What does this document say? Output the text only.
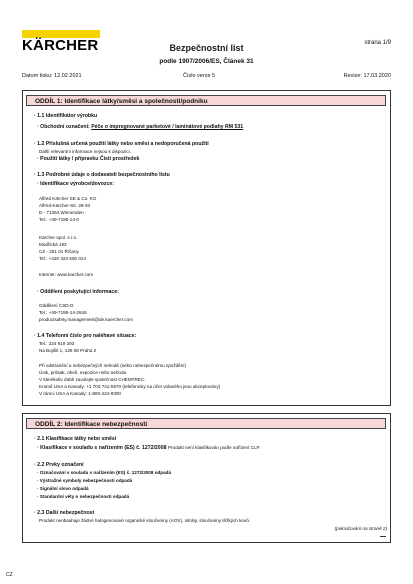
KÄRCHER	strana 1/9
Bezpečnostní list
podle 1907/2006/ES, Článek 31
Datum tisku: 12.02.2021	Číslo verze 5	Revize: 17.03.2020
ODDÍL 1: Identifikace látky/směsi a společnosti/podniku
· 1.1 Identifikátor výrobku
· Obchodní označení: Péče o impregnované parketové / laminátové podlahy RM 531
· 1.2 Příslušná určená použití látky nebo směsi a nedoporučená použití
Další relevantní informace nejsou k dispozici.
· Použití látky / přípravku Čistí prostředek
· 1.3 Podrobné údaje o dodavateli bezpečnostního listu
· Identifikace výrobce/dovozce:
Alfred Kärcher SE & Co. KG
Alfred-Kärcher-Str. 28-40
D - 71364 Winnenden
Tel.: +49-7195-14-0
Kärcher spol. s r.o.
Modřická 193
CZ - 251 01 Říčany
Tel.: +420 323 606 014
Internet: www.karcher.com
· Oddělení poskytující informace:
Oddělení CSD-D
Tel.: +49-7195-14-2646
productsafety.management@de.kaercher.com
· 1.4 Telefonní číslo pro naléhavé situace:
Tel.: 224 919 293
Na Bojišti 1, 128 08 Praha 2
Při odstranění a nebezpečných nehodě (nebo nebezpečnému zpoždění)
Únik, průsak, oheň, expozice nebo nehoda
V kterékoliv době zavolejte společnost CHEMTREC.
Kromě USA a Kanady: +1 703 741-5970 (telefonicky na účet volaného jsou akceptovány)
V rámci USA a Kanady: 1-800-424-9300
ODDÍL 2: Identifikace nebezpečnosti
· 2.1 Klasifikace látky nebo směsi
· Klasifikace v souladu s nařízením (ES) č. 1272/2008 Produkt není klasifikován podle nařízení CLP.
· 2.2 Prvky označení
· Označování v souladu s nařízením (ES) č. 1272/2008 odpadá
· Výstražné symboly nebezpečnosti odpadá
· Signální slovo odpadá
· Standardní věty o nebezpečnosti odpadá
· 2.3 Další nebezpečnost
Produkt neobsahuje žádné halogenované organické sloučeniny (AOX), nitráty, sloučeniny těžkých kovů.
(pokračování na straně 2)
CZ
